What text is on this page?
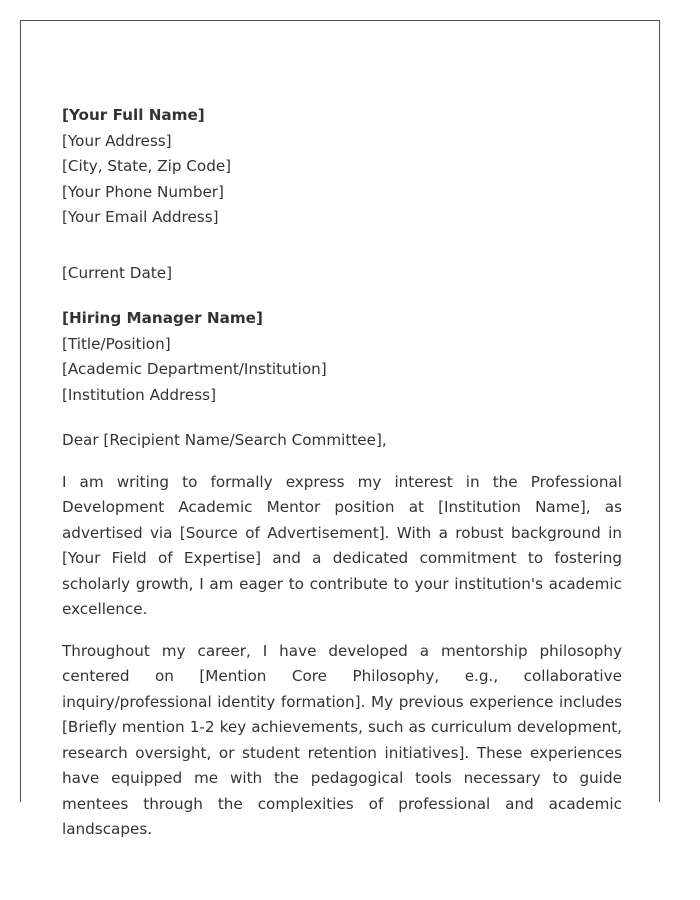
[Your Full Name]

[Your Address]

[City, State, Zip Code]

[Your Phone Number]

[Your Email Address]

[Current Date]

[Hiring Manager Name]

[Title/Position]

[Academic Department/Institution]

[Institution Address]

Dear [Recipient Name/Search Committee],

I am writing to formally express my interest in the Professional Development Academic Mentor position at [Institution Name], as advertised via [Source of Advertisement]. With a robust background in [Your Field of Expertise] and a dedicated commitment to fostering scholarly growth, I am eager to contribute to your institution's academic excellence.

Throughout my career, I have developed a mentorship philosophy centered on [Mention Core Philosophy, e.g., collaborative inquiry/professional identity formation]. My previous experience includes [Briefly mention 1-2 key achievements, such as curriculum development, research oversight, or student retention initiatives]. These experiences have equipped me with the pedagogical tools necessary to guide mentees through the complexities of professional and academic landscapes.
